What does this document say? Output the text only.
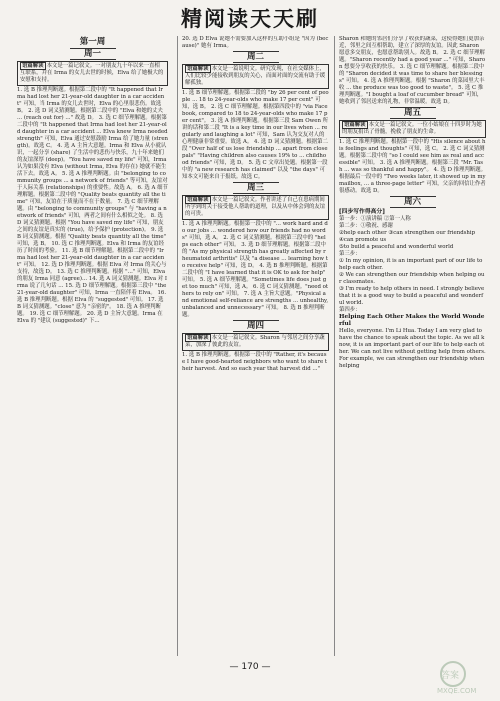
精阅读天天刷
第一周
周一
语篇解读 本文是一篇记叙文。一对朋友九十年以来一直相互联系，并在 Irma 的女儿去世的时候，Elva 给了她极大的安慰和支持。

1. 选 B 推理判断题。根据第二段中的 "It happened that Irma had lost her 21-year-old daughter in a car accident" 可知，当 Irma 的女儿去世时，Elva 的心里很悲伤。故选 B。 2. 选 D 词义猜测题。根据第二段中的 "Elva 和她的丈夫 ... (reach out for) ..." 故选 D。 3. 选 C 细节理解题。根据第二段中的 "It happened that Irma had lost her 21-year-old daughter in a car accident ... Elva knew Irma needed strength" 可知，Elva 通过安慰鼓励 Irma 给了她力量 (strength)。故选 C。 4. 选 A 主旨大意题。Irma 和 Elva 从小就认识，一起分享 (share) 了生活中的悲伤与快乐，九十年来她们的友谊深厚 (deep)。"You have saved my life" 可知，Irma 认为如果没有 Elva (without Irma, Elva 的存在) 她就不能生活下去。故选 A。 5. 选 A 推理判断题。由 "belonging to community groups ... a network of friends" 等可知，友谊对于人际关系 (relationships) 的重要性。故选 A。 6. 选 A 细节理解题。根据第二段中的 "Quality beats quantity all the time" 可知，友谊在于质量而不在于数量。 7. 选 C 细节理解题。由 "belonging to community groups" 与 "having a network of friends" 可知，两者之间有什么相似之处。 8. 选 D 词义猜测题。根据 "You have saved my life" 可知，朋友之间的友谊是真实的 (true)，给予保护 (protection)。 9. 选 B 词义猜测题。根据 "Quality beats quantity all the time" 可知，选 B。 10. 选 C 推理判断题。Elva 和 Irma 的友谊经历了时间的考验。 11. 选 B 细节理解题。根据第二段中的 "Irma had lost her 21-year-old daughter in a car accident" 可知。 12. 选 D 推理判断题。根据 Elva 对 Irma 的关心与支持，故选 D。 13. 选 C 推理判断题。根据 "..." 可知，Elva 的朋友 Irma 同意 (agree)... 14. 选 A 词义猜测题。Elva 对 Irma 说了几句话 ... 15. 选 D 细节理解题。根据第三段中 "the 21-year-old daughter" 可知，Irma 一直陪伴着 Elva。 16. 选 B 推理判断题。根据 Elva 的 "suggested" 可知。 17. 选 B 词义猜测题。"close" 意为 "亲密的"。 18. 选 A 推理判断题。 19. 选 C 细节理解题。 20. 选 D 主旨大意题。Irma 在 Elva 的 "建议 (suggested)" 下...

20. 选 D Elva 说她不需要加入这样的互助小组是 "因为 (because)" 她有 Irma。

周二
语篇解读 本文是一篇说明文。研究发现，在社交媒体上，人们比较少能接收到朋友的关心，而面对面的交流有助于缓解孤独。

1. 选 B 细节理解题。根据第二段的 "by 26 per cent of people ... 18 to 24-year-olds who make 17 per cent" 可知，选 B。 2. 选 C 细节理解题。根据第四段中的 "via Facebook, compared to 18 to 24-year-olds who make 17 per cent"。 3. 选 A 推理判断题。根据第三段 Sam Owen 所讲的话和第二段 "It is a key time in our lives when ... regularly and laughing a lot" 可知，Sam 认为交友对人的心理健康非常重要。故选 A。 4. 选 D 词义猜测题。根据第二段 "Over half of us lose friendship ... apart from close pals" "Having children also causes 19% to ... childhood friends" 可知，选 D。 5. 选 C 文章出处题。根据第一段中的 "a new research has claimed" 以及 "the days" 可知本文可能来自于报纸。故选 C。

周三
语篇解读 本文是一篇记叙文。作者讲述了自己在患病期间所学到的关于接受他人帮助的道理，以及从中体会到的友谊的可贵。

1. 选 A 推理判断题。根据第一段中的 "... work hard and do our jobs ... wondered how our friends had no words" 可知，选 A。 2. 选 C 词义猜测题。根据第三段中的 "helps each other" 可知。 3. 选 D 细节理解题。根据第二段中的 "As my physical strength has greatly affected by rheumatoid arthritis" 以及 "a disease ... learning how to receive help" 可知，选 D。 4. 选 B 推理判断题。根据第二段中的 "I have learned that it is OK to ask for help" 可知。 5. 选 A 细节理解题。"Sometimes life does just get too much" 可知，选 A。 6. 选 C 词义猜测题。"need others to rely on" 可知。 7. 选 A 主旨大意题。"Physical and emotional self-reliance are strengths ... unhealthy, unbalanced and unnecessary" 可知。 8. 选 B 推理判断题。

周四
语篇解读 本文是一篇记叙文。Sharon 与邻居之间分享蔬菜，加深了彼此的友谊。

1. 选 B 推理判断题。根据第一段中的 "Rather, it's because I have good-hearted neighbors who want to share their harvest. And so each year that harvest did ..."

Sharon 和她的邻居们分享了收获的蔬菜，这使得她们更加亲近，邻里之间互相帮助，建立了深厚的友谊。因此 Sharon 愿意多交朋友，也愿意帮助别人。故选 B。 2. 选 C 细节理解题。"Sharon recently had a good year ..." 可知，Sharon 想要分享收获的快乐。 3. 选 C 细节理解题。根据第二段中的 "Sharon decided it was time to share her blessings" 可知。 4. 选 A 推理判断题。根据 "Sharon 的菜园里大丰收 ... the produce was too good to waste"。 5. 选 C 推理判断题。"I bought a loaf of cucumber bread" 可知，她收到了邻居送来的礼物，非常温暖。故选 D。

周五
语篇解读 本文是一篇记叙文。一位小姑娘在十四岁时为她的朋友捐出了骨髓，挽救了朋友的生命。

1. 选 C 推理判断题。根据第一段中的 "His silence about his feelings and thoughts" 可知，选 C。 2. 选 C 词义猜测题。根据第二段中的 "so I could see him as real and accessible" 可知。 3. 选 A 推理判断题。根据第三段 "Mr. Tash ... was so thankful and happy"。 4. 选 D 推理判断题。根据最后一段中的 "Two weeks later, it showed up in my mailbox, ... a three-page letter" 可知，父亲的回信让作者很感动。故选 D。

周六
[四步写作得高分]
第一步：①演讲稿 ②第一人称
第二步：①敬祝、感谢
②help each other ③can strengthen our friendship
④can promote us
⑤to build a peaceful and wonderful world
第三步：
① In my opinion, it is an important part of our life to help each other.
② We can strengthen our friendship when helping our classmates.
③ I'm ready to help others in need. I strongly believe that it is a good way to build a peaceful and wonderful world.
第四步：
Helping Each Other Makes the World Wonderful

Hello, everyone. I'm Li Hua. Today I am very glad to have the chance to speak about the topic. As we all know, it is an important part of our life to help each other. We can not live without getting help from others. For example, we can strengthen our friendship when helping

— 170 —
答案
MXQE.COM
